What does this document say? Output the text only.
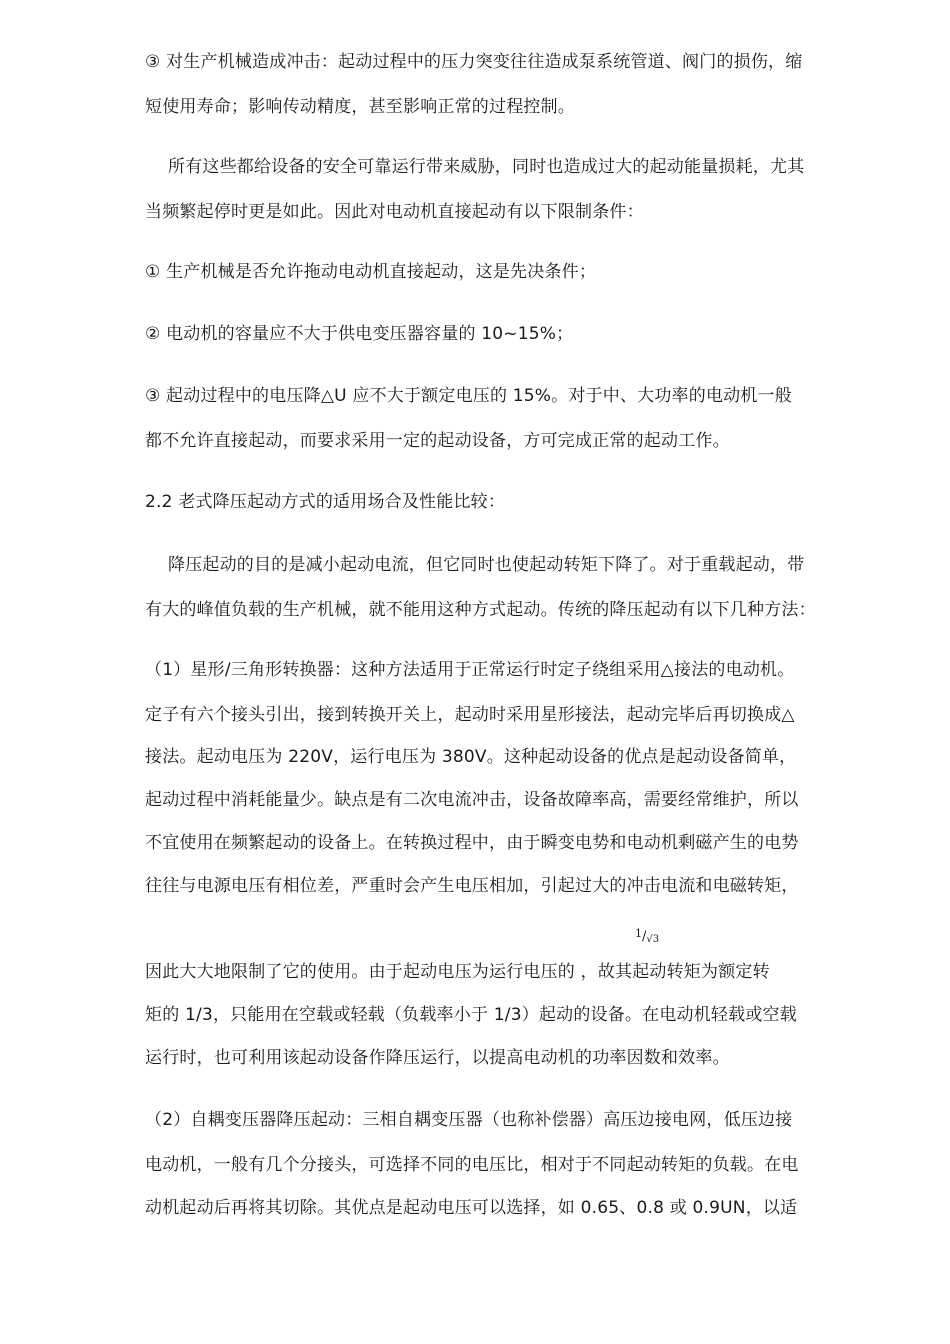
③ 对生产机械造成冲击：起动过程中的压力突变往往造成泵系统管道、阀门的损伤，缩
短使用寿命；影响传动精度，甚至影响正常的过程控制。
所有这些都给设备的安全可靠运行带来威胁，同时也造成过大的起动能量损耗，尤其
当频繁起停时更是如此。因此对电动机直接起动有以下限制条件：
① 生产机械是否允许拖动电动机直接起动，这是先决条件；
② 电动机的容量应不大于供电变压器容量的 10~15%；
③ 起动过程中的电压降△U 应不大于额定电压的 15%。对于中、大功率的电动机一般
都不允许直接起动，而要求采用一定的起动设备，方可完成正常的起动工作。
2.2 老式降压起动方式的适用场合及性能比较：
降压起动的目的是减小起动电流，但它同时也使起动转矩下降了。对于重载起动，带
有大的峰值负载的生产机械，就不能用这种方式起动。传统的降压起动有以下几种方法：
（1）星形/三角形转换器：这种方法适用于正常运行时定子绕组采用△接法的电动机。
定子有六个接头引出，接到转换开关上，起动时采用星形接法，起动完毕后再切换成△
接法。起动电压为 220V，运行电压为 380V。这种起动设备的优点是起动设备简单，
起动过程中消耗能量少。缺点是有二次电流冲击，设备故障率高，需要经常维护，所以
不宜使用在频繁起动的设备上。在转换过程中，由于瞬变电势和电动机剩磁产生的电势
往往与电源电压有相位差，严重时会产生电压相加，引起过大的冲击电流和电磁转矩，
1/√3
因此大大地限制了它的使用。由于起动电压为运行电压的 ，故其起动转矩为额定转
矩的 1/3，只能用在空载或轻载（负载率小于 1/3）起动的设备。在电动机轻载或空载
运行时，也可利用该起动设备作降压运行，以提高电动机的功率因数和效率。
（2）自耦变压器降压起动：三相自耦变压器（也称补偿器）高压边接电网，低压边接
电动机，一般有几个分接头，可选择不同的电压比，相对于不同起动转矩的负载。在电
动机起动后再将其切除。其优点是起动电压可以选择，如 0.65、0.8 或 0.9UN，以适
